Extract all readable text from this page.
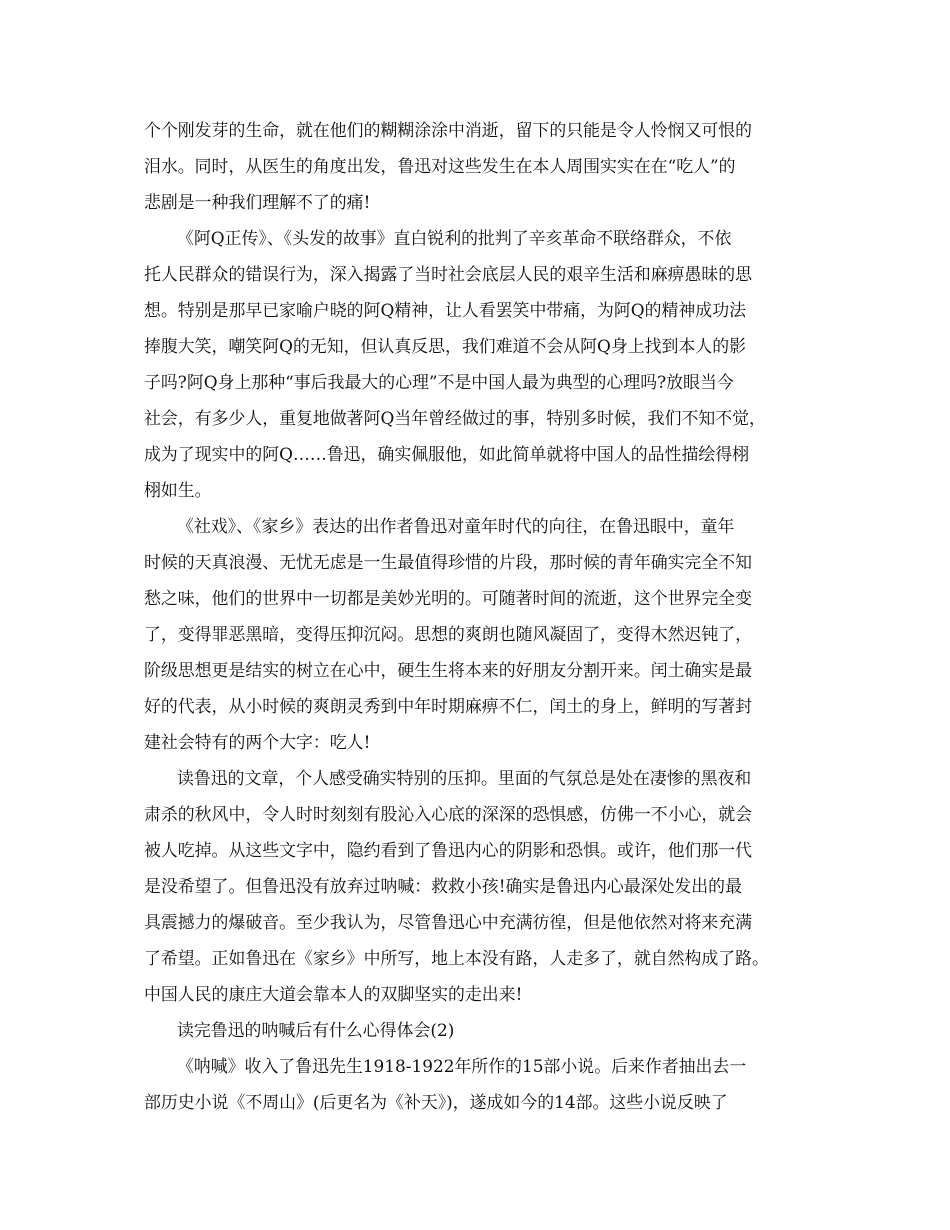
个个刚发芽的生命，就在他们的糊糊涂涂中消逝，留下的只能是令人怜悯又可恨的
泪水。同时，从医生的角度出发，鲁迅对这些发生在本人周围实实在在“吃人”的
悲剧是一种我们理解不了的痛!
《阿Q正传》、《头发的故事》直白锐利的批判了辛亥革命不联络群众，不依
托人民群众的错误行为，深入揭露了当时社会底层人民的艰辛生活和麻痹愚昧的思
想。特别是那早已家喻户晓的阿Q精神，让人看罢笑中带痛，为阿Q的精神成功法
捧腹大笑，嘲笑阿Q的无知，但认真反思，我们难道不会从阿Q身上找到本人的影
子吗?阿Q身上那种“事后我最大的心理”不是中国人最为典型的心理吗?放眼当今
社会，有多少人，重复地做著阿Q当年曾经做过的事，特别多时候，我们不知不觉，
成为了现实中的阿Q……鲁迅，确实佩服他，如此简单就将中国人的品性描绘得栩
栩如生。
《社戏》、《家乡》表达的出作者鲁迅对童年时代的向往，在鲁迅眼中，童年
时候的天真浪漫、无忧无虑是一生最值得珍惜的片段，那时候的青年确实完全不知
愁之味，他们的世界中一切都是美妙光明的。可随著时间的流逝，这个世界完全变
了，变得罪恶黑暗，变得压抑沉闷。思想的爽朗也随风凝固了，变得木然迟钝了，
阶级思想更是结实的树立在心中，硬生生将本来的好朋友分割开来。闰土确实是最
好的代表，从小时候的爽朗灵秀到中年时期麻痹不仁，闰土的身上，鲜明的写著封
建社会特有的两个大字：吃人!
读鲁迅的文章，个人感受确实特别的压抑。里面的气氛总是处在凄惨的黑夜和
肃杀的秋风中，令人时时刻刻有股沁入心底的深深的恐惧感，仿佛一不小心，就会
被人吃掉。从这些文字中，隐约看到了鲁迅内心的阴影和恐惧。或许，他们那一代
是没希望了。但鲁迅没有放弃过呐喊：救救小孩!确实是鲁迅内心最深处发出的最
具震撼力的爆破音。至少我认为，尽管鲁迅心中充满彷徨，但是他依然对将来充满
了希望。正如鲁迅在《家乡》中所写，地上本没有路，人走多了，就自然构成了路。
中国人民的康庄大道会靠本人的双脚坚实的走出来!
读完鲁迅的呐喊后有什么心得体会(2)
《呐喊》收入了鲁迅先生1918-1922年所作的15部小说。后来作者抽出去一
部历史小说《不周山》(后更名为《补天》)，遂成如今的14部。这些小说反映了
